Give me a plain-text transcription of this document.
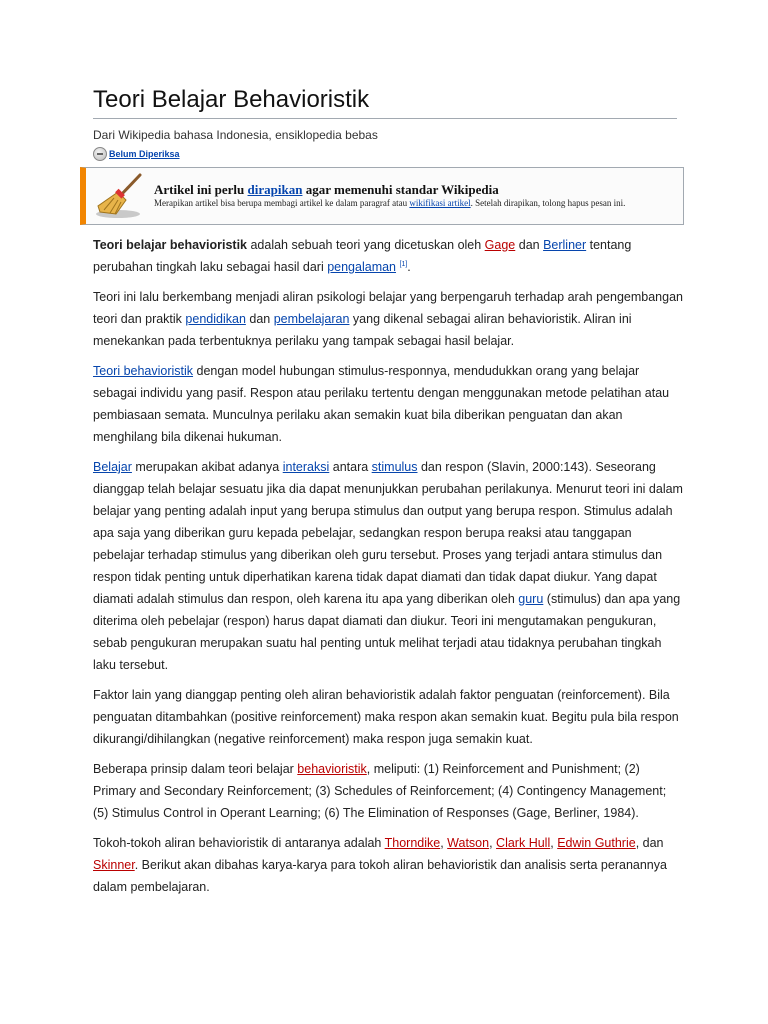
Teori Belajar Behavioristik
Dari Wikipedia bahasa Indonesia, ensiklopedia bebas
Belum Diperiksa
Artikel ini perlu dirapikan agar memenuhi standar Wikipedia
Merapikan artikel bisa berupa membagi artikel ke dalam paragraf atau wikifikasi artikel. Setelah dirapikan, tolong hapus pesan ini.

Teori belajar behavioristik adalah sebuah teori yang dicetuskan oleh Gage dan Berliner tentang perubahan tingkah laku sebagai hasil dari pengalaman [1].

Teori ini lalu berkembang menjadi aliran psikologi belajar yang berpengaruh terhadap arah pengembangan teori dan praktik pendidikan dan pembelajaran yang dikenal sebagai aliran behavioristik. Aliran ini menekankan pada terbentuknya perilaku yang tampak sebagai hasil belajar.

Teori behavioristik dengan model hubungan stimulus-responnya, mendudukkan orang yang belajar sebagai individu yang pasif. Respon atau perilaku tertentu dengan menggunakan metode pelatihan atau pembiasaan semata. Munculnya perilaku akan semakin kuat bila diberikan penguatan dan akan menghilang bila dikenai hukuman.

Belajar merupakan akibat adanya interaksi antara stimulus dan respon (Slavin, 2000:143). Seseorang dianggap telah belajar sesuatu jika dia dapat menunjukkan perubahan perilakunya. Menurut teori ini dalam belajar yang penting adalah input yang berupa stimulus dan output yang berupa respon. Stimulus adalah apa saja yang diberikan guru kepada pebelajar, sedangkan respon berupa reaksi atau tanggapan pebelajar terhadap stimulus yang diberikan oleh guru tersebut. Proses yang terjadi antara stimulus dan respon tidak penting untuk diperhatikan karena tidak dapat diamati dan tidak dapat diukur. Yang dapat diamati adalah stimulus dan respon, oleh karena itu apa yang diberikan oleh guru (stimulus) dan apa yang diterima oleh pebelajar (respon) harus dapat diamati dan diukur. Teori ini mengutamakan pengukuran, sebab pengukuran merupakan suatu hal penting untuk melihat terjadi atau tidaknya perubahan tingkah laku tersebut.

Faktor lain yang dianggap penting oleh aliran behavioristik adalah faktor penguatan (reinforcement). Bila penguatan ditambahkan (positive reinforcement) maka respon akan semakin kuat. Begitu pula bila respon dikurangi/dihilangkan (negative reinforcement) maka respon juga semakin kuat.

Beberapa prinsip dalam teori belajar behavioristik, meliputi: (1) Reinforcement and Punishment; (2) Primary and Secondary Reinforcement; (3) Schedules of Reinforcement; (4) Contingency Management; (5) Stimulus Control in Operant Learning; (6) The Elimination of Responses (Gage, Berliner, 1984).

Tokoh-tokoh aliran behavioristik di antaranya adalah Thorndike, Watson, Clark Hull, Edwin Guthrie, dan Skinner. Berikut akan dibahas karya-karya para tokoh aliran behavioristik dan analisis serta peranannya dalam pembelajaran.
